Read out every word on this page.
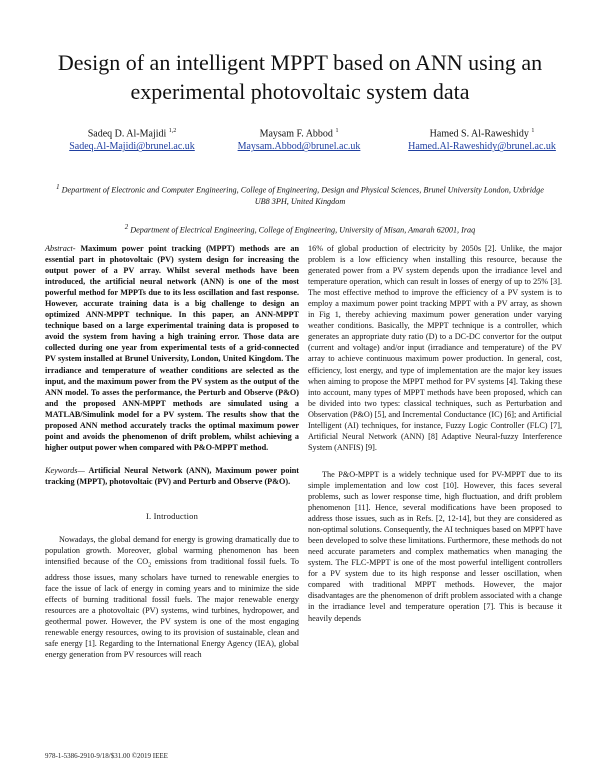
Design of an intelligent MPPT based on ANN using an experimental photovoltaic system data
Sadeq D. Al-Majidi $^{1,2}$
Sadeq.Al-Majidi@brunel.ac.uk
Maysam F. Abbod $^1$
Maysam.Abbod@brunel.ac.uk
Hamed S. Al-Raweshidy $^1$
Hamed.Al-Raweshidy@brunel.ac.uk
$^1$ Department of Electronic and Computer Engineering, College of Engineering, Design and Physical Sciences, Brunel University London, Uxbridge UB8 3PH, United Kingdom
$^2$ Department of Electrical Engineering, College of Engineering, University of Misan, Amarah 62001, Iraq

Abstract- Maximum power point tracking (MPPT) methods are an essential part in photovoltaic (PV) system design for increasing the output power of a PV array. Whilst several methods have been introduced, the artificial neural network (ANN) is one of the most powerful method for MPPTs due to its less oscillation and fast response. However, accurate training data is a big challenge to design an optimized ANN-MPPT technique. In this paper, an ANN-MPPT technique based on a large experimental training data is proposed to avoid the system from having a high training error. Those data are collected during one year from experimental tests of a grid-connected PV system installed at Brunel University, London, United Kingdom. The irradiance and temperature of weather conditions are selected as the input, and the maximum power from the PV system as the output of the ANN model. To asses the performance, the Perturb and Observe (P&O) and the proposed ANN-MPPT methods are simulated using a MATLAB/Simulink model for a PV system. The results show that the proposed ANN method accurately tracks the optimal maximum power point and avoids the phenomenon of drift problem, whilst achieving a higher output power when compared with P&O-MPPT method.

Keywords— Artificial Neural Network (ANN), Maximum power point tracking (MPPT), photovoltaic (PV) and Perturb and Observe (P&O).

I. Introduction

Nowadays, the global demand for energy is growing dramatically due to population growth. Moreover, global warming phenomenon has been intensified because of the $CO_2$ emissions from traditional fossil fuels. To address those issues, many scholars have turned to renewable energies to face the issue of lack of energy in coming years and to minimize the side effects of burning traditional fossil fuels. The major renewable energy resources are a photovoltaic (PV) systems, wind turbines, hydropower, and geothermal power. However, the PV system is one of the most engaging renewable energy resources, owing to its provision of sustainable, clean and safe energy [1]. Regarding to the International Energy Agency (IEA), global energy generation from PV resources will reach

16% of global production of electricity by 2050s [2]. Unlike, the major problem is a low efficiency when installing this resource, because the generated power from a PV system depends upon the irradiance level and temperature operation, which can result in losses of energy of up to 25% [3]. The most effective method to improve the efficiency of a PV system is to employ a maximum power point tracking MPPT with a PV array, as shown in Fig 1, thereby achieving maximum power generation under varying weather conditions. Basically, the MPPT technique is a controller, which generates an appropriate duty ratio (D) to a DC-DC convertor for the output (current and voltage) and/or input (irradiance and temperature) of the PV array to achieve continuous maximum power production. In general, cost, efficiency, lost energy, and type of implementation are the major key issues when aiming to propose the MPPT method for PV systems [4]. Taking these into account, many types of MPPT methods have been proposed, which can be divided into two types: classical techniques, such as Perturbation and Observation (P&O) [5], and Incremental Conductance (IC) [6]; and Artificial Intelligent (AI) techniques, for instance, Fuzzy Logic Controller (FLC) [7], Artificial Neural Network (ANN) [8] Adaptive Neural-fuzzy Interference System (ANFIS) [9].

The P&O-MPPT is a widely technique used for PV-MPPT due to its simple implementation and low cost [10]. However, this faces several problems, such as lower response time, high fluctuation, and drift problem phenomenon [11]. Hence, several modifications have been proposed to address those issues, such as in Refs. [2, 12-14], but they are considered as non-optimal solutions. Consequently, the AI techniques based on MPPT have been developed to solve these limitations. Furthermore, these methods do not need accurate parameters and complex mathematics when managing the system. The FLC-MPPT is one of the most powerful intelligent controllers for a PV system due to its high response and lesser oscillation, when compared with traditional MPPT methods. However, the major disadvantages are the phenomenon of drift problem associated with a change in the irradiance level and temperature operation [7]. This is because it heavily depends

978-1-5386-2910-9/18/$31.00 ©2019 IEEE
